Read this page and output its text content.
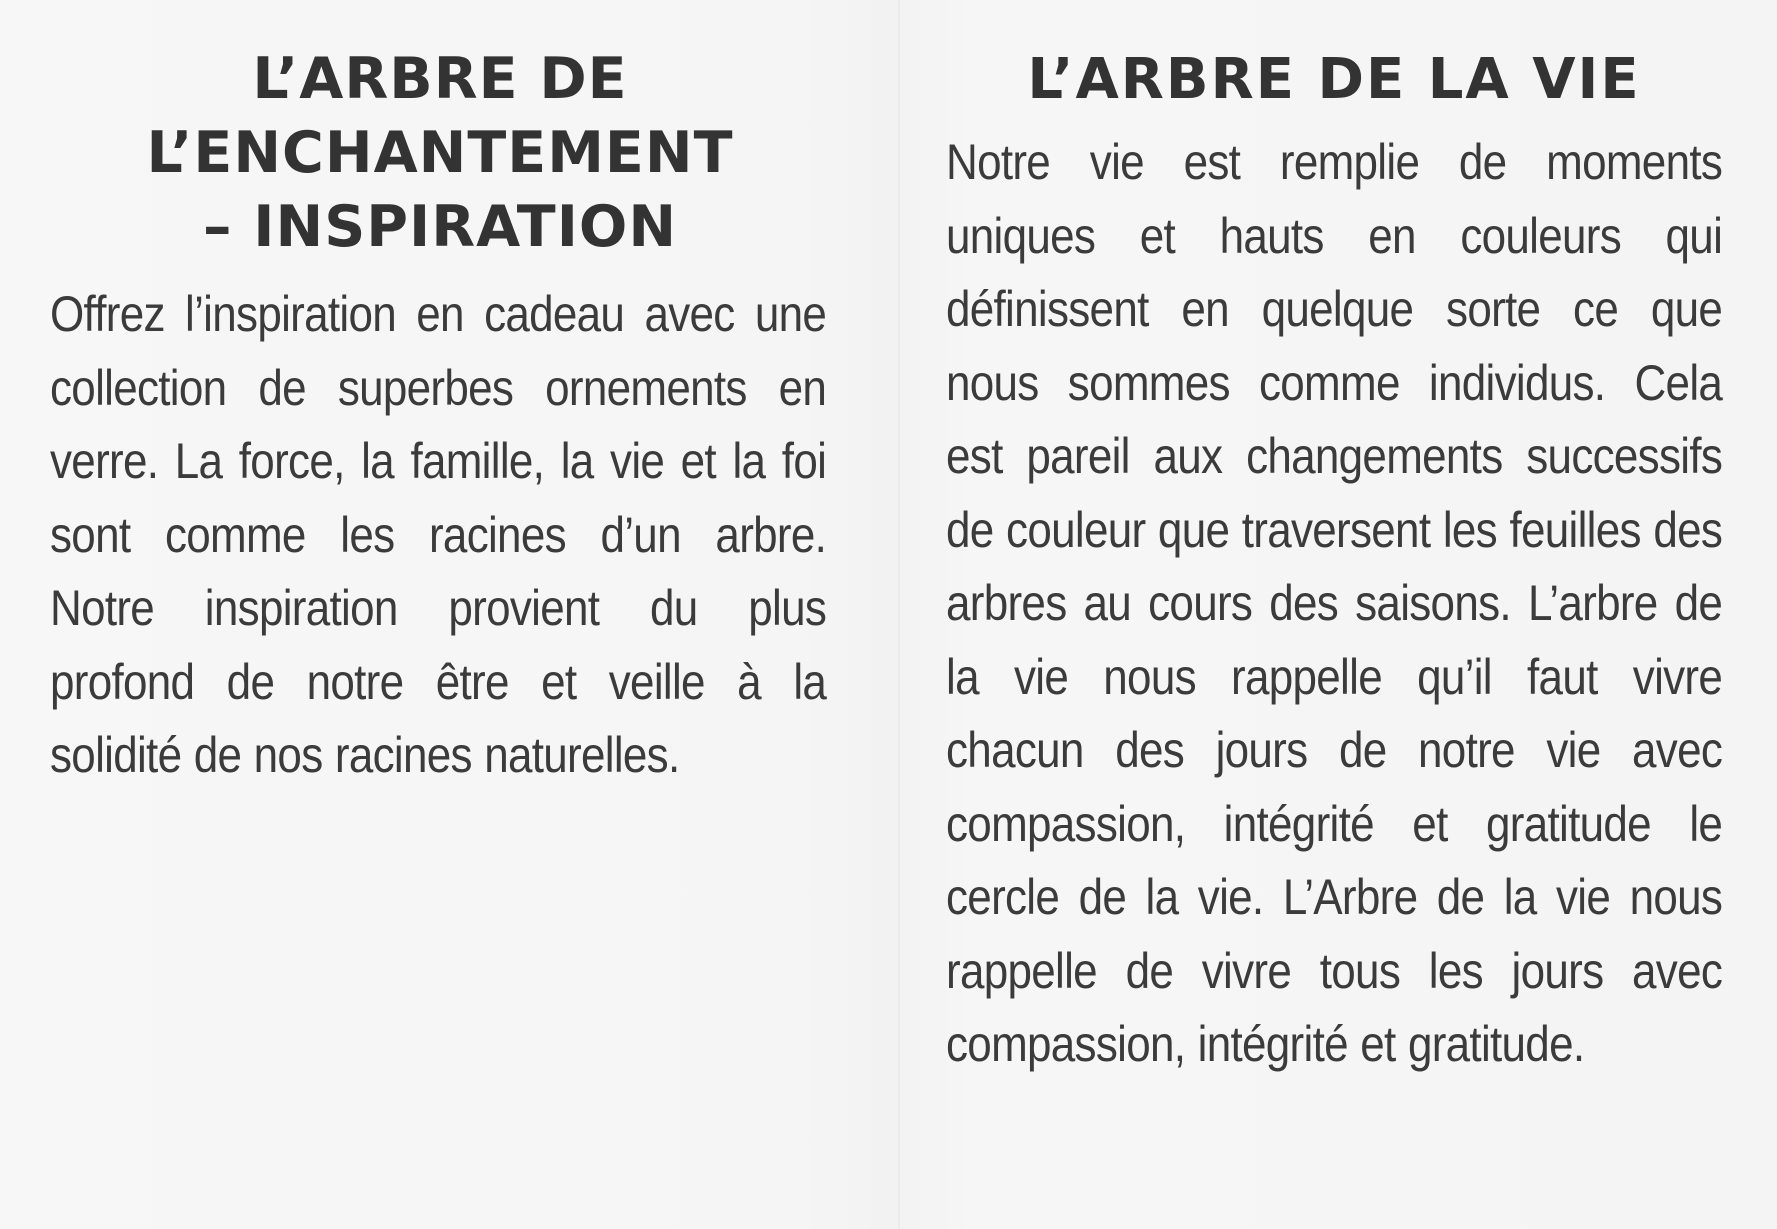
L’ARBRE DE
L’ENCHANTEMENT
– INSPIRATION

Offrez l’inspiration en cadeau avec une collection de superbes ornements en verre. La force, la famille, la vie et la foi sont comme les racines d’un arbre. Notre inspiration provient du plus profond de notre être et veille à la solidité de nos racines naturelles.

L’ARBRE DE LA VIE

Notre vie est remplie de moments uniques et hauts en couleurs qui définissent en quelque sorte ce que nous sommes comme individus. Cela est pareil aux changements successifs de couleur que traversent les feuilles des arbres au cours des saisons. L’arbre de la vie nous rappelle qu’il faut vivre chacun des jours de notre vie avec compassion, intégrité et gratitude le cercle de la vie. L’Arbre de la vie nous rappelle de vivre tous les jours avec compassion, intégrité et gratitude.
